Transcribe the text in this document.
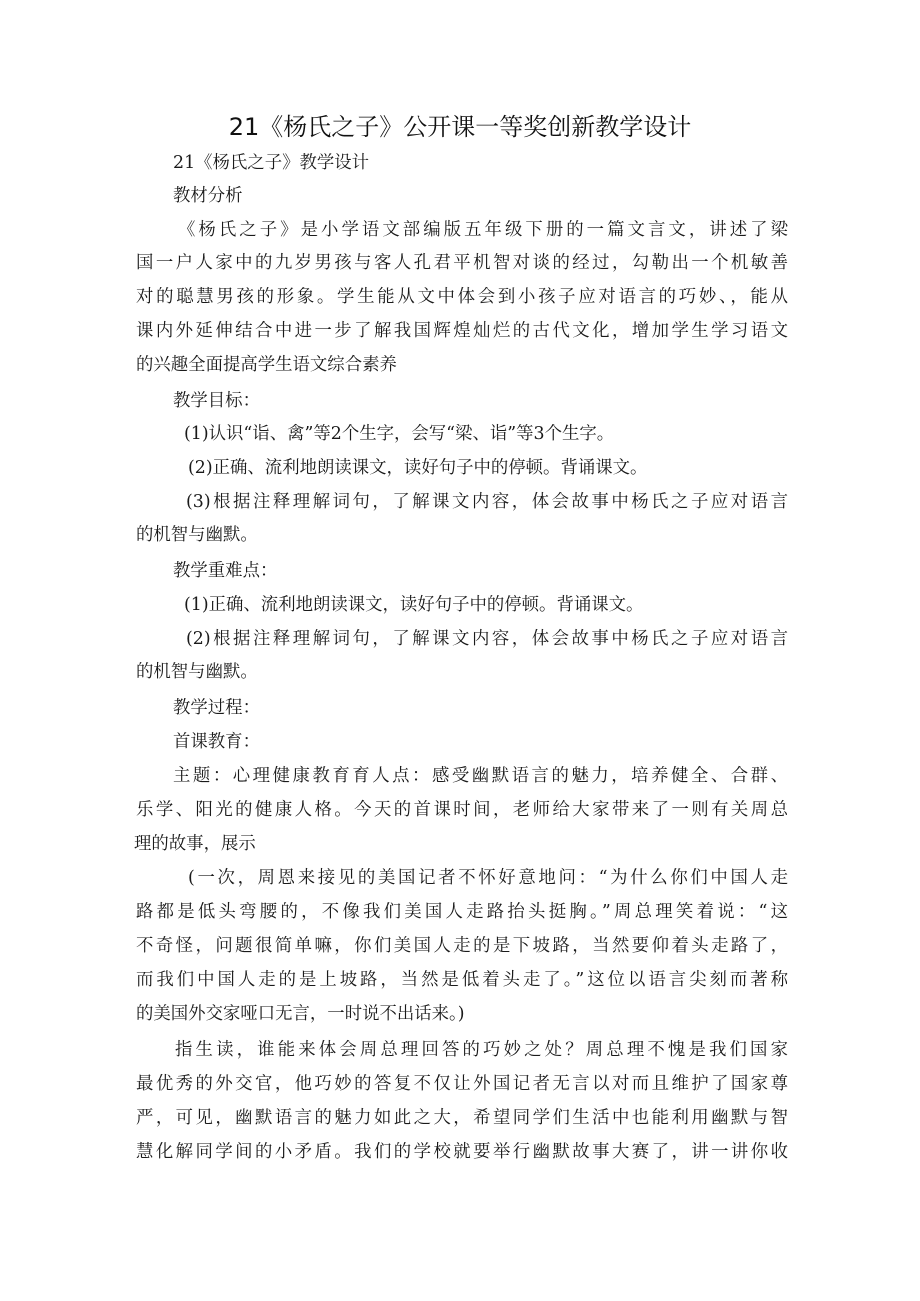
21《杨氏之子》公开课一等奖创新教学设计
21《杨氏之子》教学设计
教材分析
《杨氏之子》是小学语文部编版五年级下册的一篇文言文，讲述了梁
国一户人家中的九岁男孩与客人孔君平机智对谈的经过，勾勒出一个机敏善
对的聪慧男孩的形象。学生能从文中体会到小孩子应对语言的巧妙、，能从
课内外延伸结合中进一步了解我国辉煌灿烂的古代文化，增加学生学习语文
的兴趣全面提高学生语文综合素养
教学目标：
(1)认识“诣、禽”等2个生字，会写“梁、诣”等3个生字。
(2)正确、流利地朗读课文，读好句子中的停顿。背诵课文。
(3)根据注释理解词句，了解课文内容，体会故事中杨氏之子应对语言
的机智与幽默。
教学重难点：
(1)正确、流利地朗读课文，读好句子中的停顿。背诵课文。
(2)根据注释理解词句，了解课文内容，体会故事中杨氏之子应对语言
的机智与幽默。
教学过程：
首课教育：
主题：心理健康教育育人点：感受幽默语言的魅力，培养健全、合群、
乐学、阳光的健康人格。今天的首课时间，老师给大家带来了一则有关周总
理的故事，展示
(一次，周恩来接见的美国记者不怀好意地问：“为什么你们中国人走
路都是低头弯腰的，不像我们美国人走路抬头挺胸。”周总理笑着说：“这
不奇怪，问题很简单嘛，你们美国人走的是下坡路，当然要仰着头走路了，
而我们中国人走的是上坡路，当然是低着头走了。”这位以语言尖刻而著称
的美国外交家哑口无言，一时说不出话来。)
指生读，谁能来体会周总理回答的巧妙之处？周总理不愧是我们国家
最优秀的外交官，他巧妙的答复不仅让外国记者无言以对而且维护了国家尊
严，可见，幽默语言的魅力如此之大，希望同学们生活中也能利用幽默与智
慧化解同学间的小矛盾。我们的学校就要举行幽默故事大赛了，讲一讲你收
